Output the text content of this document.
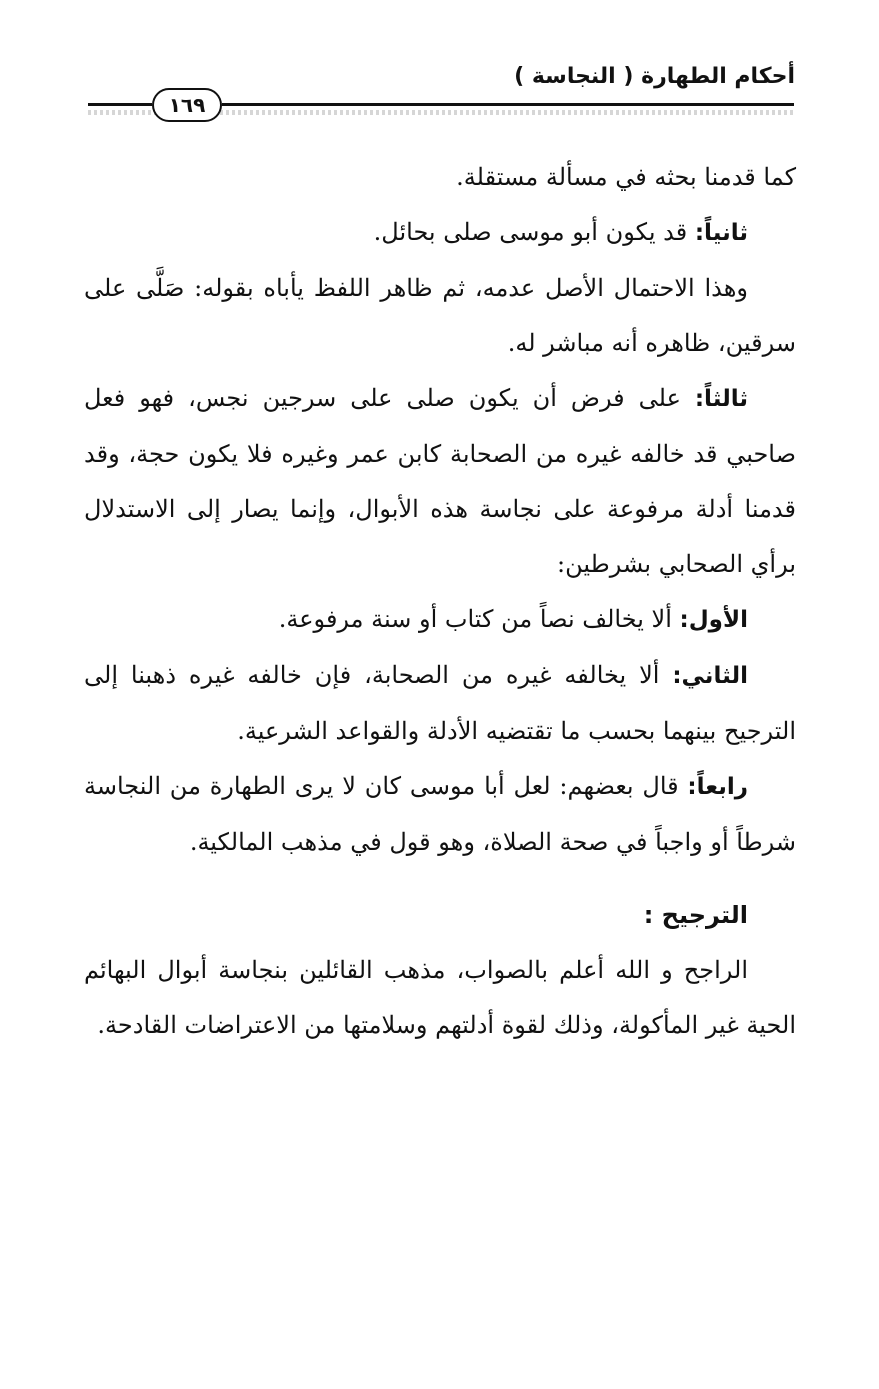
أحكام الطهارة ( النجاسة )
١٦٩

كما قدمنا بحثه في مسألة مستقلة.

ثانياً: قد يكون أبو موسى صلى بحائل.

وهذا الاحتمال الأصل عدمه، ثم ظاهر اللفظ يأباه بقوله: صَلَّى على سرقين، ظاهره أنه مباشر له.

ثالثاً: على فرض أن يكون صلى على سرجين نجس، فهو فعل صاحبي قد خالفه غيره من الصحابة كابن عمر وغيره فلا يكون حجة، وقد قدمنا أدلة مرفوعة على نجاسة هذه الأبوال، وإنما يصار إلى الاستدلال برأي الصحابي بشرطين:

الأول: ألا يخالف نصاً من كتاب أو سنة مرفوعة.

الثاني: ألا يخالفه غيره من الصحابة، فإن خالفه غيره ذهبنا إلى الترجيح بينهما بحسب ما تقتضيه الأدلة والقواعد الشرعية.

رابعاً: قال بعضهم: لعل أبا موسى كان لا يرى الطهارة من النجاسة شرطاً أو واجباً في صحة الصلاة، وهو قول في مذهب المالكية.

الترجيح :

الراجح و الله أعلم بالصواب، مذهب القائلين بنجاسة أبوال البهائم الحية غير المأكولة، وذلك لقوة أدلتهم وسلامتها من الاعتراضات القادحة.
